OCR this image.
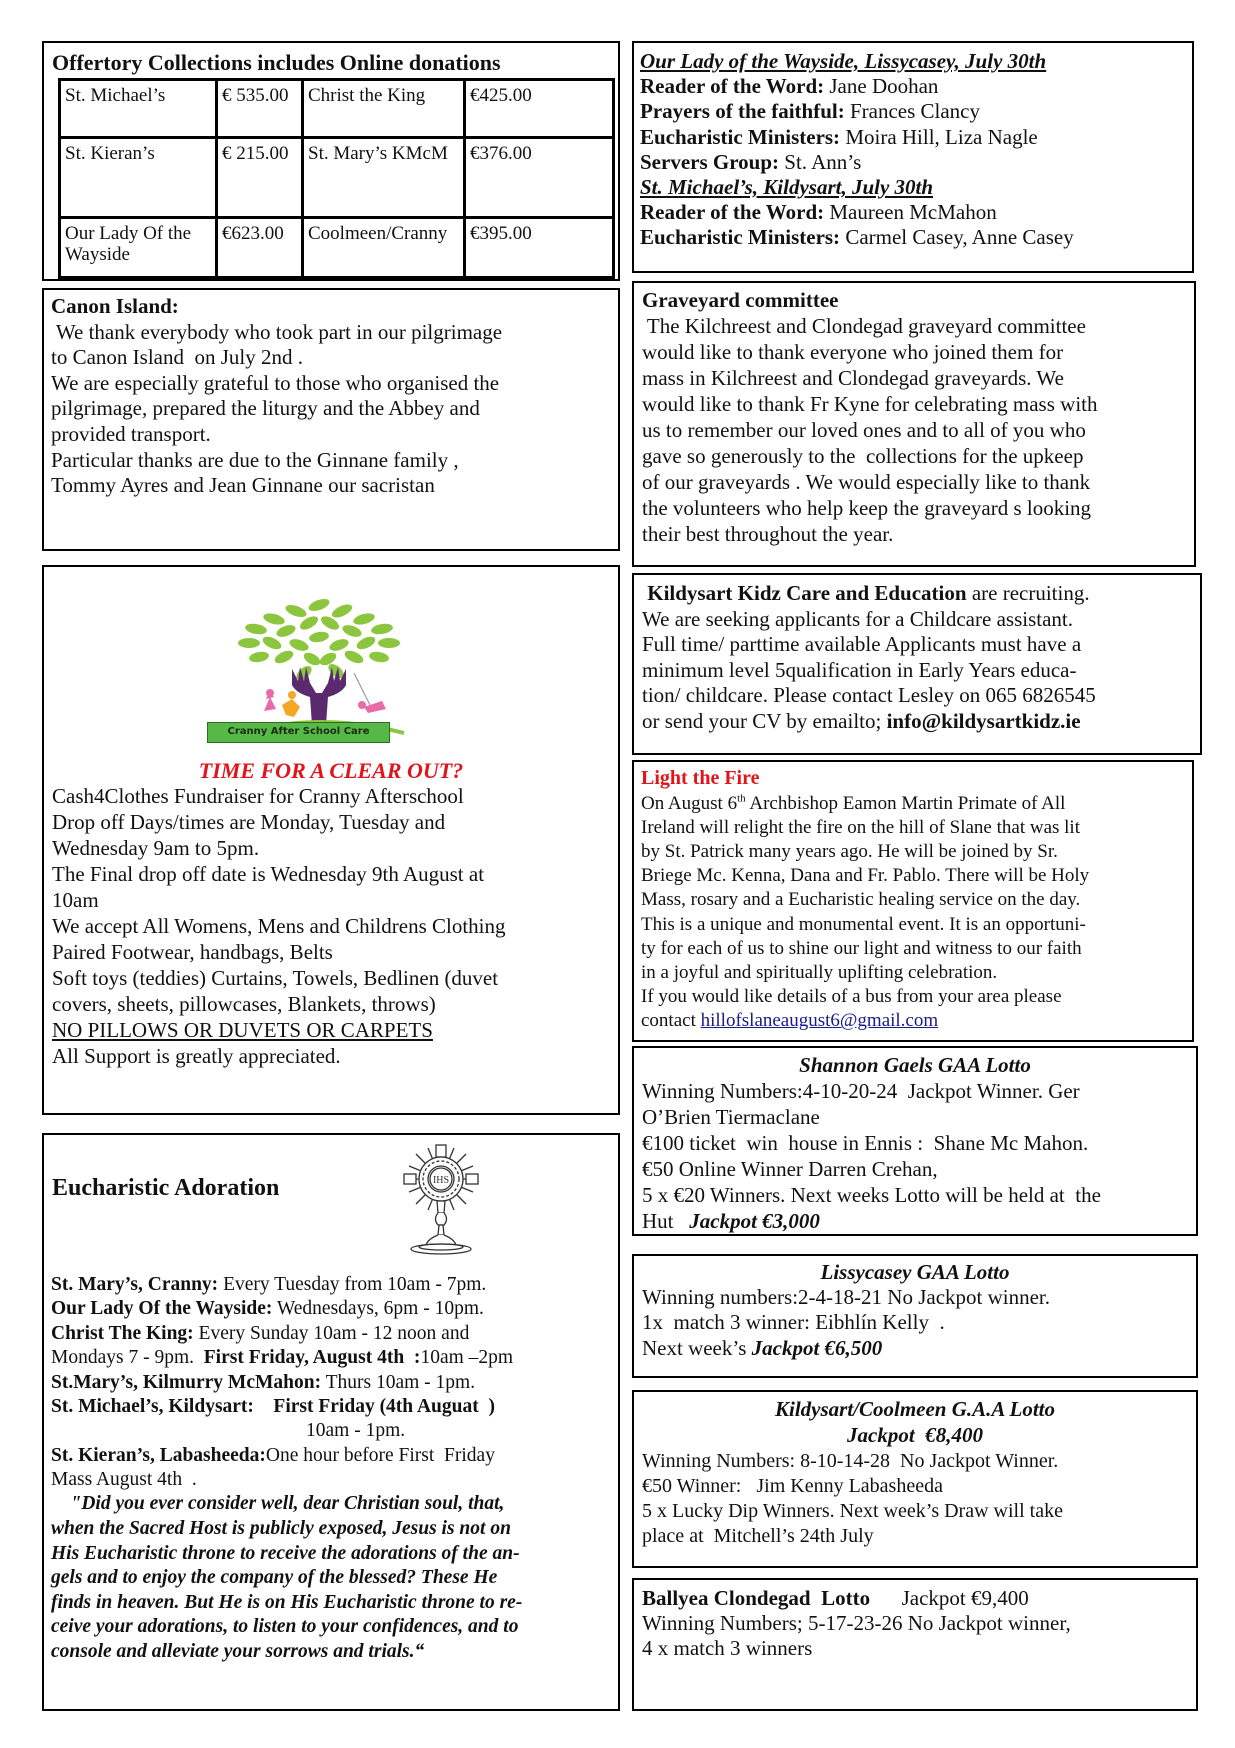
Offertory Collections includes Online donations
St. Michael’s	€ 535.00	Christ the King	€425.00
St. Kieran’s	€ 215.00	St. Mary’s KMcM	€376.00
Our Lady Of the Wayside	€623.00	Coolmeen/Cranny	€395.00
Our Lady of the Wayside, Lissycasey, July 30th
Reader of the Word: Jane Doohan
Prayers of the faithful: Frances Clancy
Eucharistic Ministers: Moira Hill, Liza Nagle
Servers Group: St. Ann’s
St. Michael’s, Kildysart, July 30th
Reader of the Word: Maureen McMahon
Eucharistic Ministers: Carmel Casey, Anne Casey
Canon Island:
We thank everybody who took part in our pilgrimage
to Canon Island  on July 2nd .
We are especially grateful to those who organised the
pilgrimage, prepared the liturgy and the Abbey and
provided transport.
Particular thanks are due to the Ginnane family ,
Tommy Ayres and Jean Ginnane our sacristan
Graveyard committee
The Kilchreest and Clondegad graveyard committee
would like to thank everyone who joined them for
mass in Kilchreest and Clondegad graveyards. We
would like to thank Fr Kyne for celebrating mass with
us to remember our loved ones and to all of you who
gave so generously to the  collections for the upkeep
of our graveyards . We would especially like to thank
the volunteers who help keep the graveyard s looking
their best throughout the year.
Cranny After School Care
TIME FOR A CLEAR OUT?
Cash4Clothes Fundraiser for Cranny Afterschool
Drop off Days/times are Monday, Tuesday and
Wednesday 9am to 5pm.
The Final drop off date is Wednesday 9th August at
10am
We accept All Womens, Mens and Childrens Clothing
Paired Footwear, handbags, Belts
Soft toys (teddies) Curtains, Towels, Bedlinen (duvet
covers, sheets, pillowcases, Blankets, throws)
NO PILLOWS OR DUVETS OR CARPETS
All Support is greatly appreciated.
Kildysart Kidz Care and Education are recruiting.
We are seeking applicants for a Childcare assistant.
Full time/ parttime available Applicants must have a
minimum level 5qualification in Early Years educa-
tion/ childcare. Please contact Lesley on 065 6826545
or send your CV by emailto; info@kildysartkidz.ie
Light the Fire
On August 6th Archbishop Eamon Martin Primate of All
Ireland will relight the fire on the hill of Slane that was lit
by St. Patrick many years ago. He will be joined by Sr.
Briege Mc. Kenna, Dana and Fr. Pablo. There will be Holy
Mass, rosary and a Eucharistic healing service on the day.
This is a unique and monumental event. It is an opportuni-
ty for each of us to shine our light and witness to our faith
in a joyful and spiritually uplifting celebration.
If you would like details of a bus from your area please
contact hillofslaneaugust6@gmail.com
Shannon Gaels GAA Lotto
Winning Numbers:4-10-20-24  Jackpot Winner. Ger
O’Brien Tiermaclane
€100 ticket  win  house in Ennis :  Shane Mc Mahon.
€50 Online Winner Darren Crehan,
5 x €20 Winners. Next weeks Lotto will be held at  the
Hut   Jackpot €3,000
Lissycasey GAA Lotto
Winning numbers:2-4-18-21 No Jackpot winner.
1x  match 3 winner: Eibhlín Kelly  .
Next week’s Jackpot €6,500
Kildysart/Coolmeen G.A.A Lotto
Jackpot  €8,400
Winning Numbers: 8-10-14-28  No Jackpot Winner.
€50 Winner:   Jim Kenny Labasheeda
5 x Lucky Dip Winners. Next week’s Draw will take
place at  Mitchell’s 24th July
Ballyea Clondegad  Lotto      Jackpot €9,400
Winning Numbers; 5-17-23-26 No Jackpot winner,
4 x match 3 winners
Eucharistic Adoration	IHS
St. Mary’s, Cranny: Every Tuesday from 10am - 7pm.
Our Lady Of the Wayside: Wednesdays, 6pm - 10pm.
Christ The King: Every Sunday 10am - 12 noon and
Mondays 7 - 9pm.  First Friday, August 4th  :10am –2pm
St.Mary’s, Kilmurry McMahon: Thurs 10am - 1pm.
St. Michael’s, Kildysart:    First Friday (4th Auguat  )
10am - 1pm.
St. Kieran’s, Labasheeda:One hour before First  Friday
Mass August 4th  .
"Did you ever consider well, dear Christian soul, that,
when the Sacred Host is publicly exposed, Jesus is not on
His Eucharistic throne to receive the adorations of the an-
gels and to enjoy the company of the blessed? These He
finds in heaven. But He is on His Eucharistic throne to re-
ceive your adorations, to listen to your confidences, and to
console and alleviate your sorrows and trials.“
